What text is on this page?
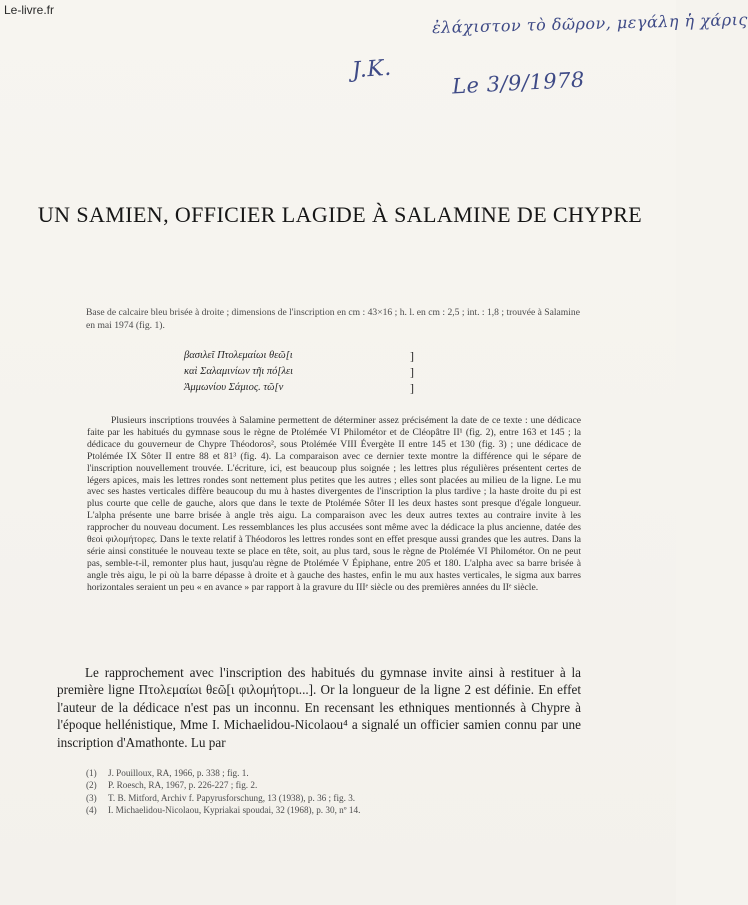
Le-livre.fr	ἐλάχιστον τὸ δῶρον, μεγάλη ἡ χάρις
J.K.	Le 3/9/1978
UN SAMIEN, OFFICIER LAGIDE À SALAMINE DE CHYPRE

Base de calcaire bleu brisée à droite ; dimensions de l'inscription en cm : 43×16 ; h. l. en cm : 2,5 ; int. : 1,8 ; trouvée à Salamine en mai 1974 (fig. 1).

βασιλεῖ Πτολεμαίωι θεῶ[ι	]
καὶ Σαλαμινίων τῆι πό[λει	]
Ἀμμωνίου Σάμιος. τῶ[ν	]

Plusieurs inscriptions trouvées à Salamine permettent de déterminer assez précisément la date de ce texte : une dédicace faite par les habitués du gymnase sous le règne de Ptolémée VI Philométor et de Cléopâtre II¹ (fig. 2), entre 163 et 145 ; la dédicace du gouverneur de Chypre Théodoros², sous Ptolémée VIII Évergète II entre 145 et 130 (fig. 3) ; une dédicace de Ptolémée IX Sôter II entre 88 et 81³ (fig. 4). La comparaison avec ce dernier texte montre la différence qui le sépare de l'inscription nouvellement trouvée. L'écriture, ici, est beaucoup plus soignée ; les lettres plus régulières présentent certes de légers apices, mais les lettres rondes sont nettement plus petites que les autres ; elles sont placées au milieu de la ligne. Le mu avec ses hastes verticales diffère beaucoup du mu à hastes divergentes de l'inscription la plus tardive ; la haste droite du pi est plus courte que celle de gauche, alors que dans le texte de Ptolémée Sôter II les deux hastes sont presque d'égale longueur. L'alpha présente une barre brisée à angle très aigu. La comparaison avec les deux autres textes au contraire invite à les rapprocher du nouveau document. Les ressemblances les plus accusées sont même avec la dédicace la plus ancienne, datée des θεοὶ φιλομήτορες. Dans le texte relatif à Théodoros les lettres rondes sont en effet presque aussi grandes que les autres. Dans la série ainsi constituée le nouveau texte se place en tête, soit, au plus tard, sous le règne de Ptolémée VI Philométor. On ne peut pas, semble-t-il, remonter plus haut, jusqu'au règne de Ptolémée V Épiphane, entre 205 et 180. L'alpha avec sa barre brisée à angle très aigu, le pi où la barre dépasse à droite et à gauche des hastes, enfin le mu aux hastes verticales, le sigma aux barres horizontales seraient un peu « en avance » par rapport à la gravure du IIIᵉ siècle ou des premières années du IIᵉ siècle.

Le rapprochement avec l'inscription des habitués du gymnase invite ainsi à restituer à la première ligne Πτολεμαίωι θεῶ[ι φιλομήτορι...]. Or la longueur de la ligne 2 est définie. En effet l'auteur de la dédicace n'est pas un inconnu. En recensant les ethniques mentionnés à Chypre à l'époque hellénistique, Mme I. Michaelidou-Nicolaou⁴ a signalé un officier samien connu par une inscription d'Amathonte. Lu par

(1) J. Pouilloux, RA, 1966, p. 338 ; fig. 1.
(2) P. Roesch, RA, 1967, p. 226-227 ; fig. 2.
(3) T. B. Mitford, Archiv f. Papyrusforschung, 13 (1938), p. 36 ; fig. 3.
(4) I. Michaelidou-Nicolaou, Kypriakai spoudai, 32 (1968), p. 30, nº 14.
